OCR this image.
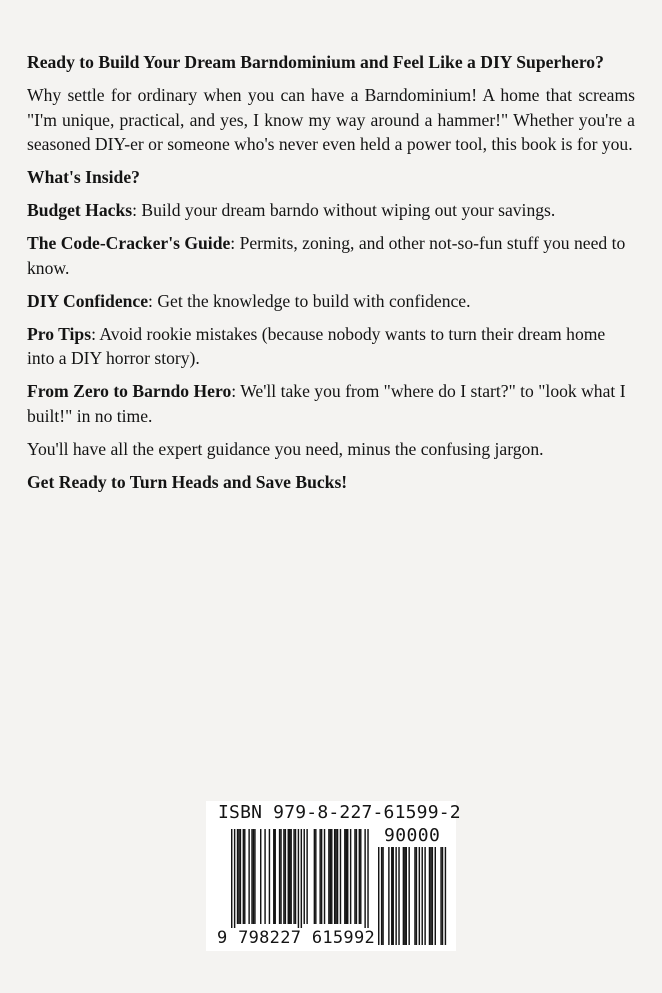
Ready to Build Your Dream Barndominium and Feel Like a DIY Superhero?

Why settle for ordinary when you can have a Barndominium! A home that screams "I'm unique, practical, and yes, I know my way around a hammer!" Whether you're a seasoned DIY-er or someone who's never even held a power tool, this book is for you.

What's Inside?

Budget Hacks: Build your dream barndo without wiping out your savings.

The Code-Cracker's Guide: Permits, zoning, and other not-so-fun stuff you need to know.

DIY Confidence: Get the knowledge to build with confidence.

Pro Tips: Avoid rookie mistakes (because nobody wants to turn their dream home into a DIY horror story).

From Zero to Barndo Hero: We'll take you from "where do I start?" to "look what I built!" in no time.

You'll have all the expert guidance you need, minus the confusing jargon.

Get Ready to Turn Heads and Save Bucks!

ISBN 979-8-227-61599-2
90000
9 798227 615992
